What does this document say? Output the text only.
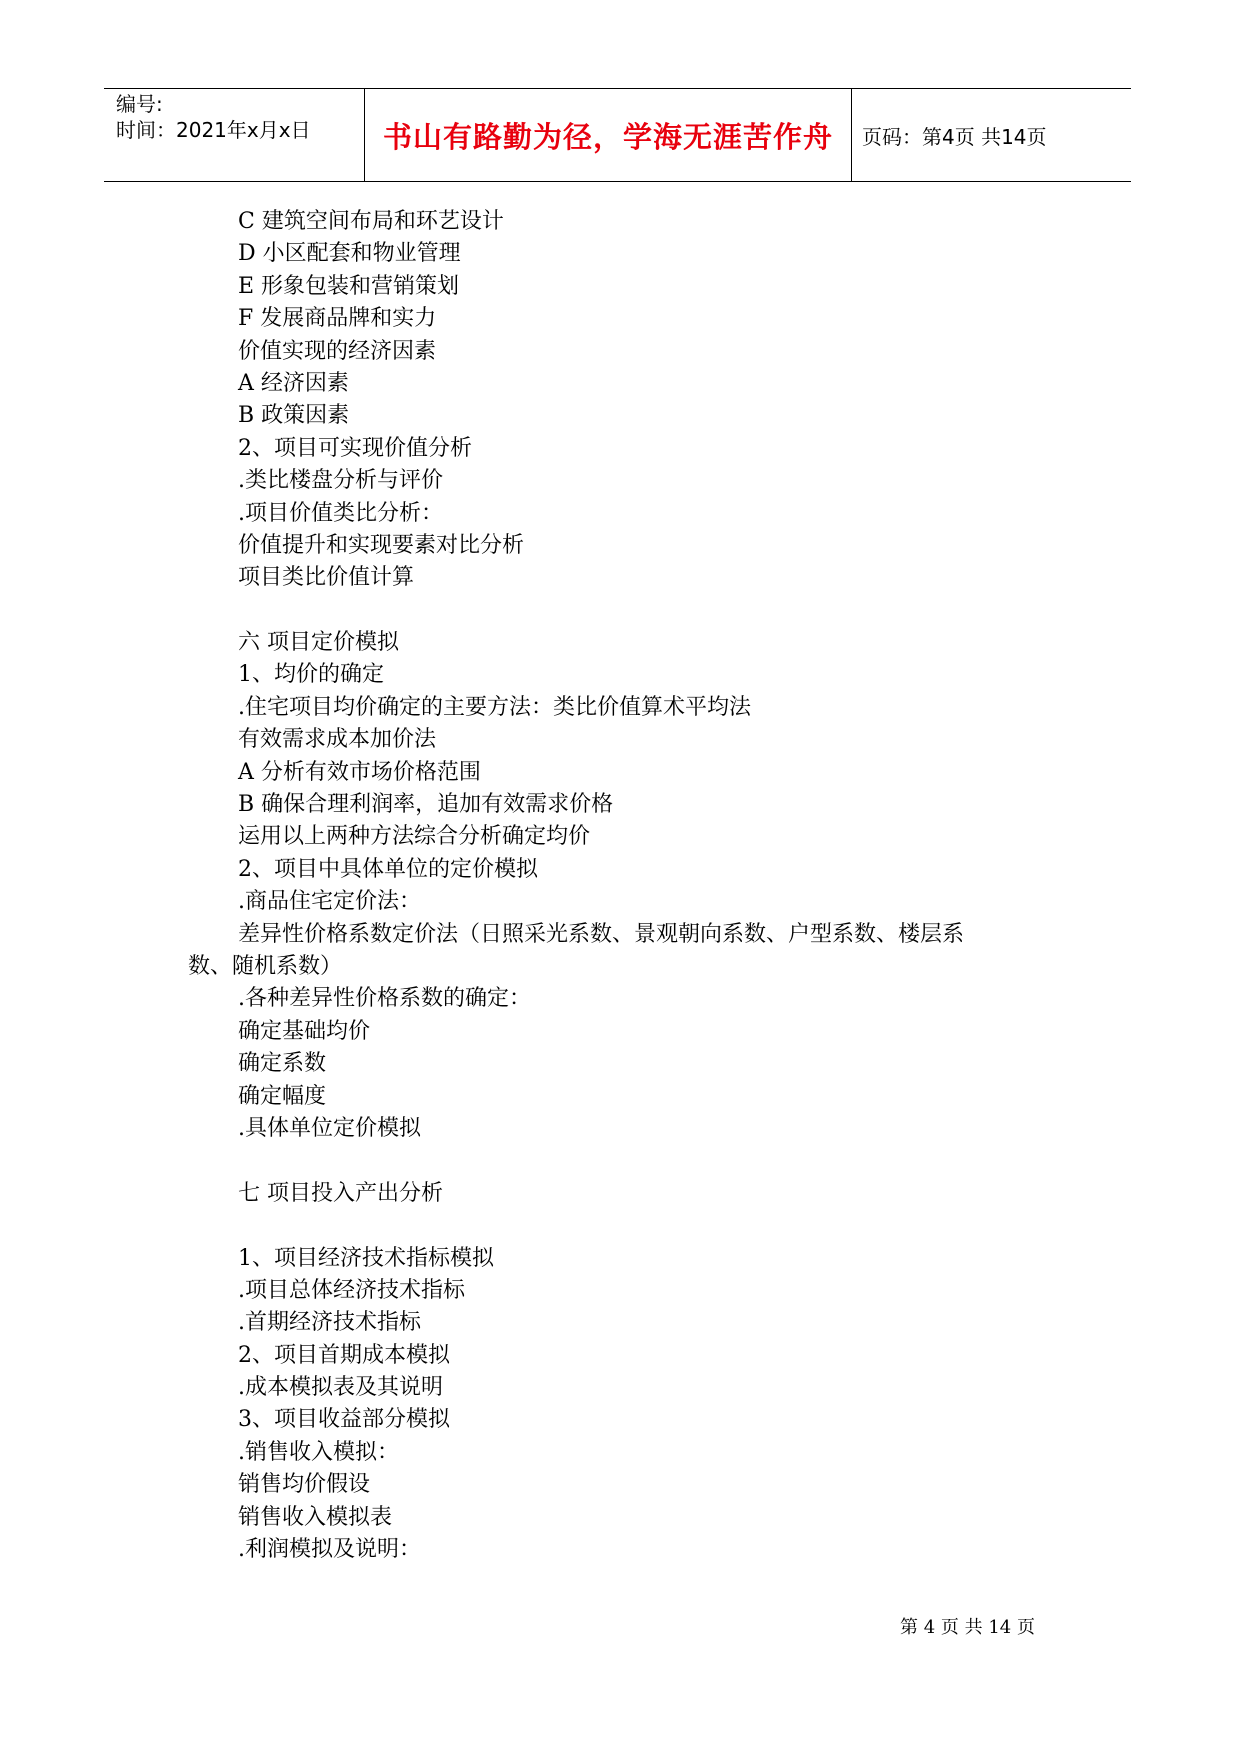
编号:
时间：2021年x月x日	书山有路勤为径，学海无涯苦作舟	页码：第4页 共14页
C 建筑空间布局和环艺设计
D 小区配套和物业管理
E 形象包装和营销策划
F 发展商品牌和实力
价值实现的经济因素
A 经济因素
B 政策因素
2、项目可实现价值分析
.类比楼盘分析与评价
.项目价值类比分析：
价值提升和实现要素对比分析
项目类比价值计算
六 项目定价模拟
1、均价的确定
.住宅项目均价确定的主要方法：类比价值算术平均法
有效需求成本加价法
A 分析有效市场价格范围
B 确保合理利润率，追加有效需求价格
运用以上两种方法综合分析确定均价
2、项目中具体单位的定价模拟
.商品住宅定价法：
差异性价格系数定价法（日照采光系数、景观朝向系数、户型系数、楼层系
数、随机系数）
.各种差异性价格系数的确定：
确定基础均价
确定系数
确定幅度
.具体单位定价模拟
七 项目投入产出分析
1、项目经济技术指标模拟
.项目总体经济技术指标
.首期经济技术指标
2、项目首期成本模拟
.成本模拟表及其说明
3、项目收益部分模拟
.销售收入模拟：
销售均价假设
销售收入模拟表
.利润模拟及说明：
第 4 页 共 14 页
